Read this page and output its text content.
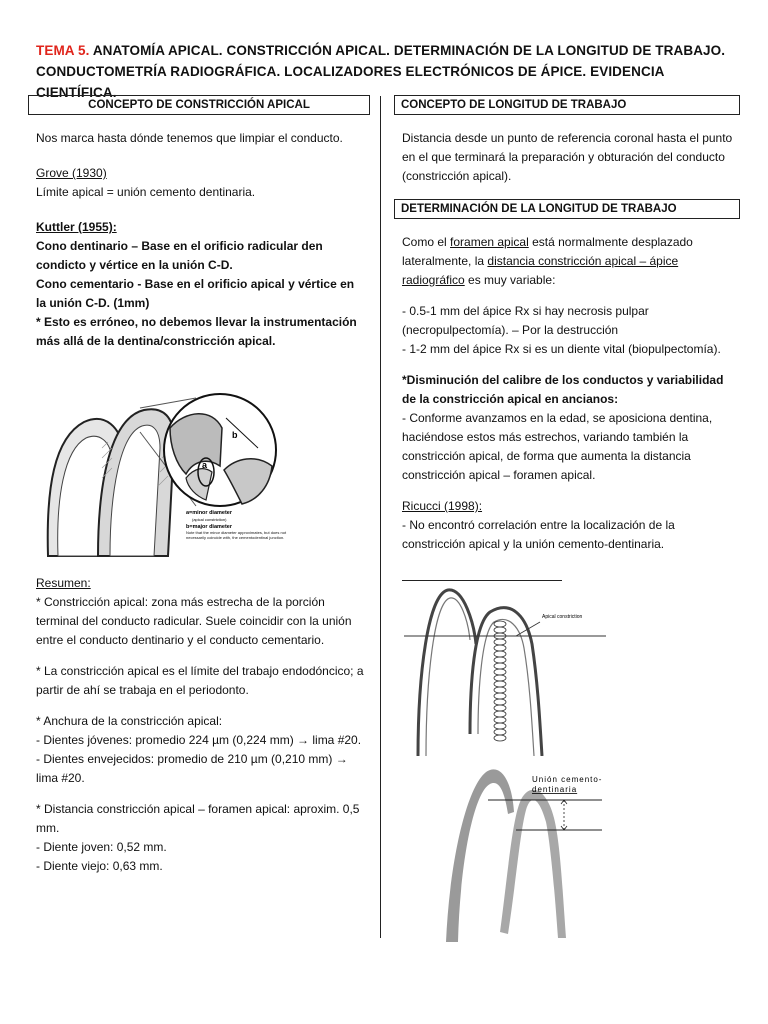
TEMA 5. ANATOMÍA APICAL. CONSTRICCIÓN APICAL. DETERMINACIÓN DE LA LONGITUD DE TRABAJO. CONDUCTOMETRÍA RADIOGRÁFICA. LOCALIZADORES ELECTRÓNICOS DE ÁPICE. EVIDENCIA CIENTÍFICA.
CONCEPTO DE CONSTRICCIÓN APICAL

Nos marca hasta dónde tenemos que limpiar el conducto.

Grove (1930)

Límite apical = unión cemento dentinaria.

Kuttler (1955):

Cono dentinario – Base en el orificio radicular den condicto y vértice en la unión C-D.

Cono cementario - Base en el orificio apical y vértice en la unión C-D. (1mm)

* Esto es erróneo, no debemos llevar la instrumentación más allá de la dentina/constricción apical.

b
a
a=minor diameter
(apical constriction)
b=major diameter
Note that the minor diameter approximates, but does not necessarily coincide with, the cementodentinal junction.

Resumen:

* Constricción apical: zona más estrecha de la porción terminal del conducto radicular. Suele coincidir con la unión entre el conducto dentinario y el conducto cementario.

* La constricción apical es el límite del trabajo endodóncico; a partir de ahí se trabaja en el periodonto.

* Anchura de la constricción apical:

- Dientes jóvenes: promedio 224 µm (0,224 mm) → lima #20.

- Dientes envejecidos: promedio de 210 µm (0,210 mm) → lima #20.

* Distancia constricción apical – foramen apical: aproxim. 0,5 mm.

- Diente joven: 0,52 mm.

- Diente viejo: 0,63 mm.

CONCEPTO DE LONGITUD DE TRABAJO

Distancia desde un punto de referencia coronal hasta el punto en el que terminará la preparación y obturación del conducto (constricción apical).

DETERMINACIÓN DE LA LONGITUD DE TRABAJO

Como el foramen apical está normalmente desplazado lateralmente, la distancia constricción apical – ápice radiográfico es muy variable:

- 0.5-1 mm del ápice Rx si hay necrosis pulpar (necropulpectomía). – Por la destrucción

- 1-2 mm del ápice Rx si es un diente vital (biopulpectomía).

*Disminución del calibre de los conductos y variabilidad de la constricción apical en ancianos:

- Conforme avanzamos en la edad, se aposiciona dentina, haciéndose estos más estrechos, variando también la constricción apical, de forma que aumenta la distancia constricción apical – foramen apical.

Ricucci (1998):

- No encontró correlación entre la localización de la constricción apical y la unión cemento-dentinaria.

Apical constriction
Unión cemento-
dentinaria
